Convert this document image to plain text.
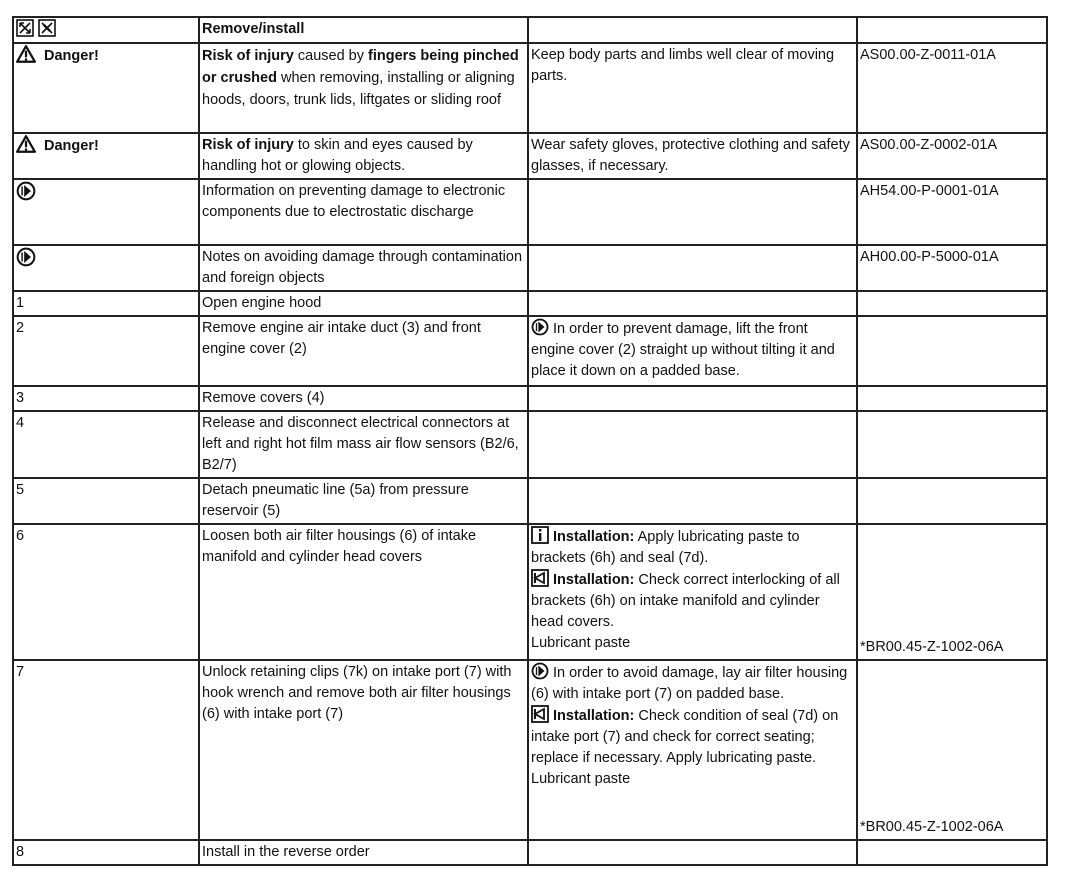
	Remove/install		
Danger!	Risk of injury caused by fingers being pinched or crushed when removing, installing or aligning hoods, doors, trunk lids, liftgates or sliding roof	Keep body parts and limbs well clear of moving parts.	AS00.00-Z-0011-01A
Danger!	Risk of injury to skin and eyes caused by handling hot or glowing objects.	Wear safety gloves, protective clothing and safety glasses, if necessary.	AS00.00-Z-0002-01A
	Information on preventing damage to electronic components due to electrostatic discharge		AH54.00-P-0001-01A
	Notes on avoiding damage through contamination and foreign objects		AH00.00-P-5000-01A
1	Open engine hood		
2	Remove engine air intake duct (3) and front engine cover (2)	In order to prevent damage, lift the front engine cover (2) straight up without tilting it and place it down on a padded base.	
3	Remove covers (4)		
4	Release and disconnect electrical connectors at left and right hot film mass air flow sensors (B2/6, B2/7)		
5	Detach pneumatic line (5a) from pressure reservoir (5)		
6	Loosen both air filter housings (6) of intake manifold and cylinder head covers	Installation: Apply lubricating paste to brackets (6h) and seal (7d).
Installation: Check correct interlocking of all brackets (6h) on intake manifold and cylinder head covers.
Lubricant paste	*BR00.45-Z-1002-06A
7	Unlock retaining clips (7k) on intake port (7) with hook wrench and remove both air filter housings (6) with intake port (7)	In order to avoid damage, lay air filter housing (6) with intake port (7) on padded base.
Installation: Check condition of seal (7d) on intake port (7) and check for correct seating; replace if necessary. Apply lubricating paste.
Lubricant paste	*BR00.45-Z-1002-06A
8	Install in the reverse order		
